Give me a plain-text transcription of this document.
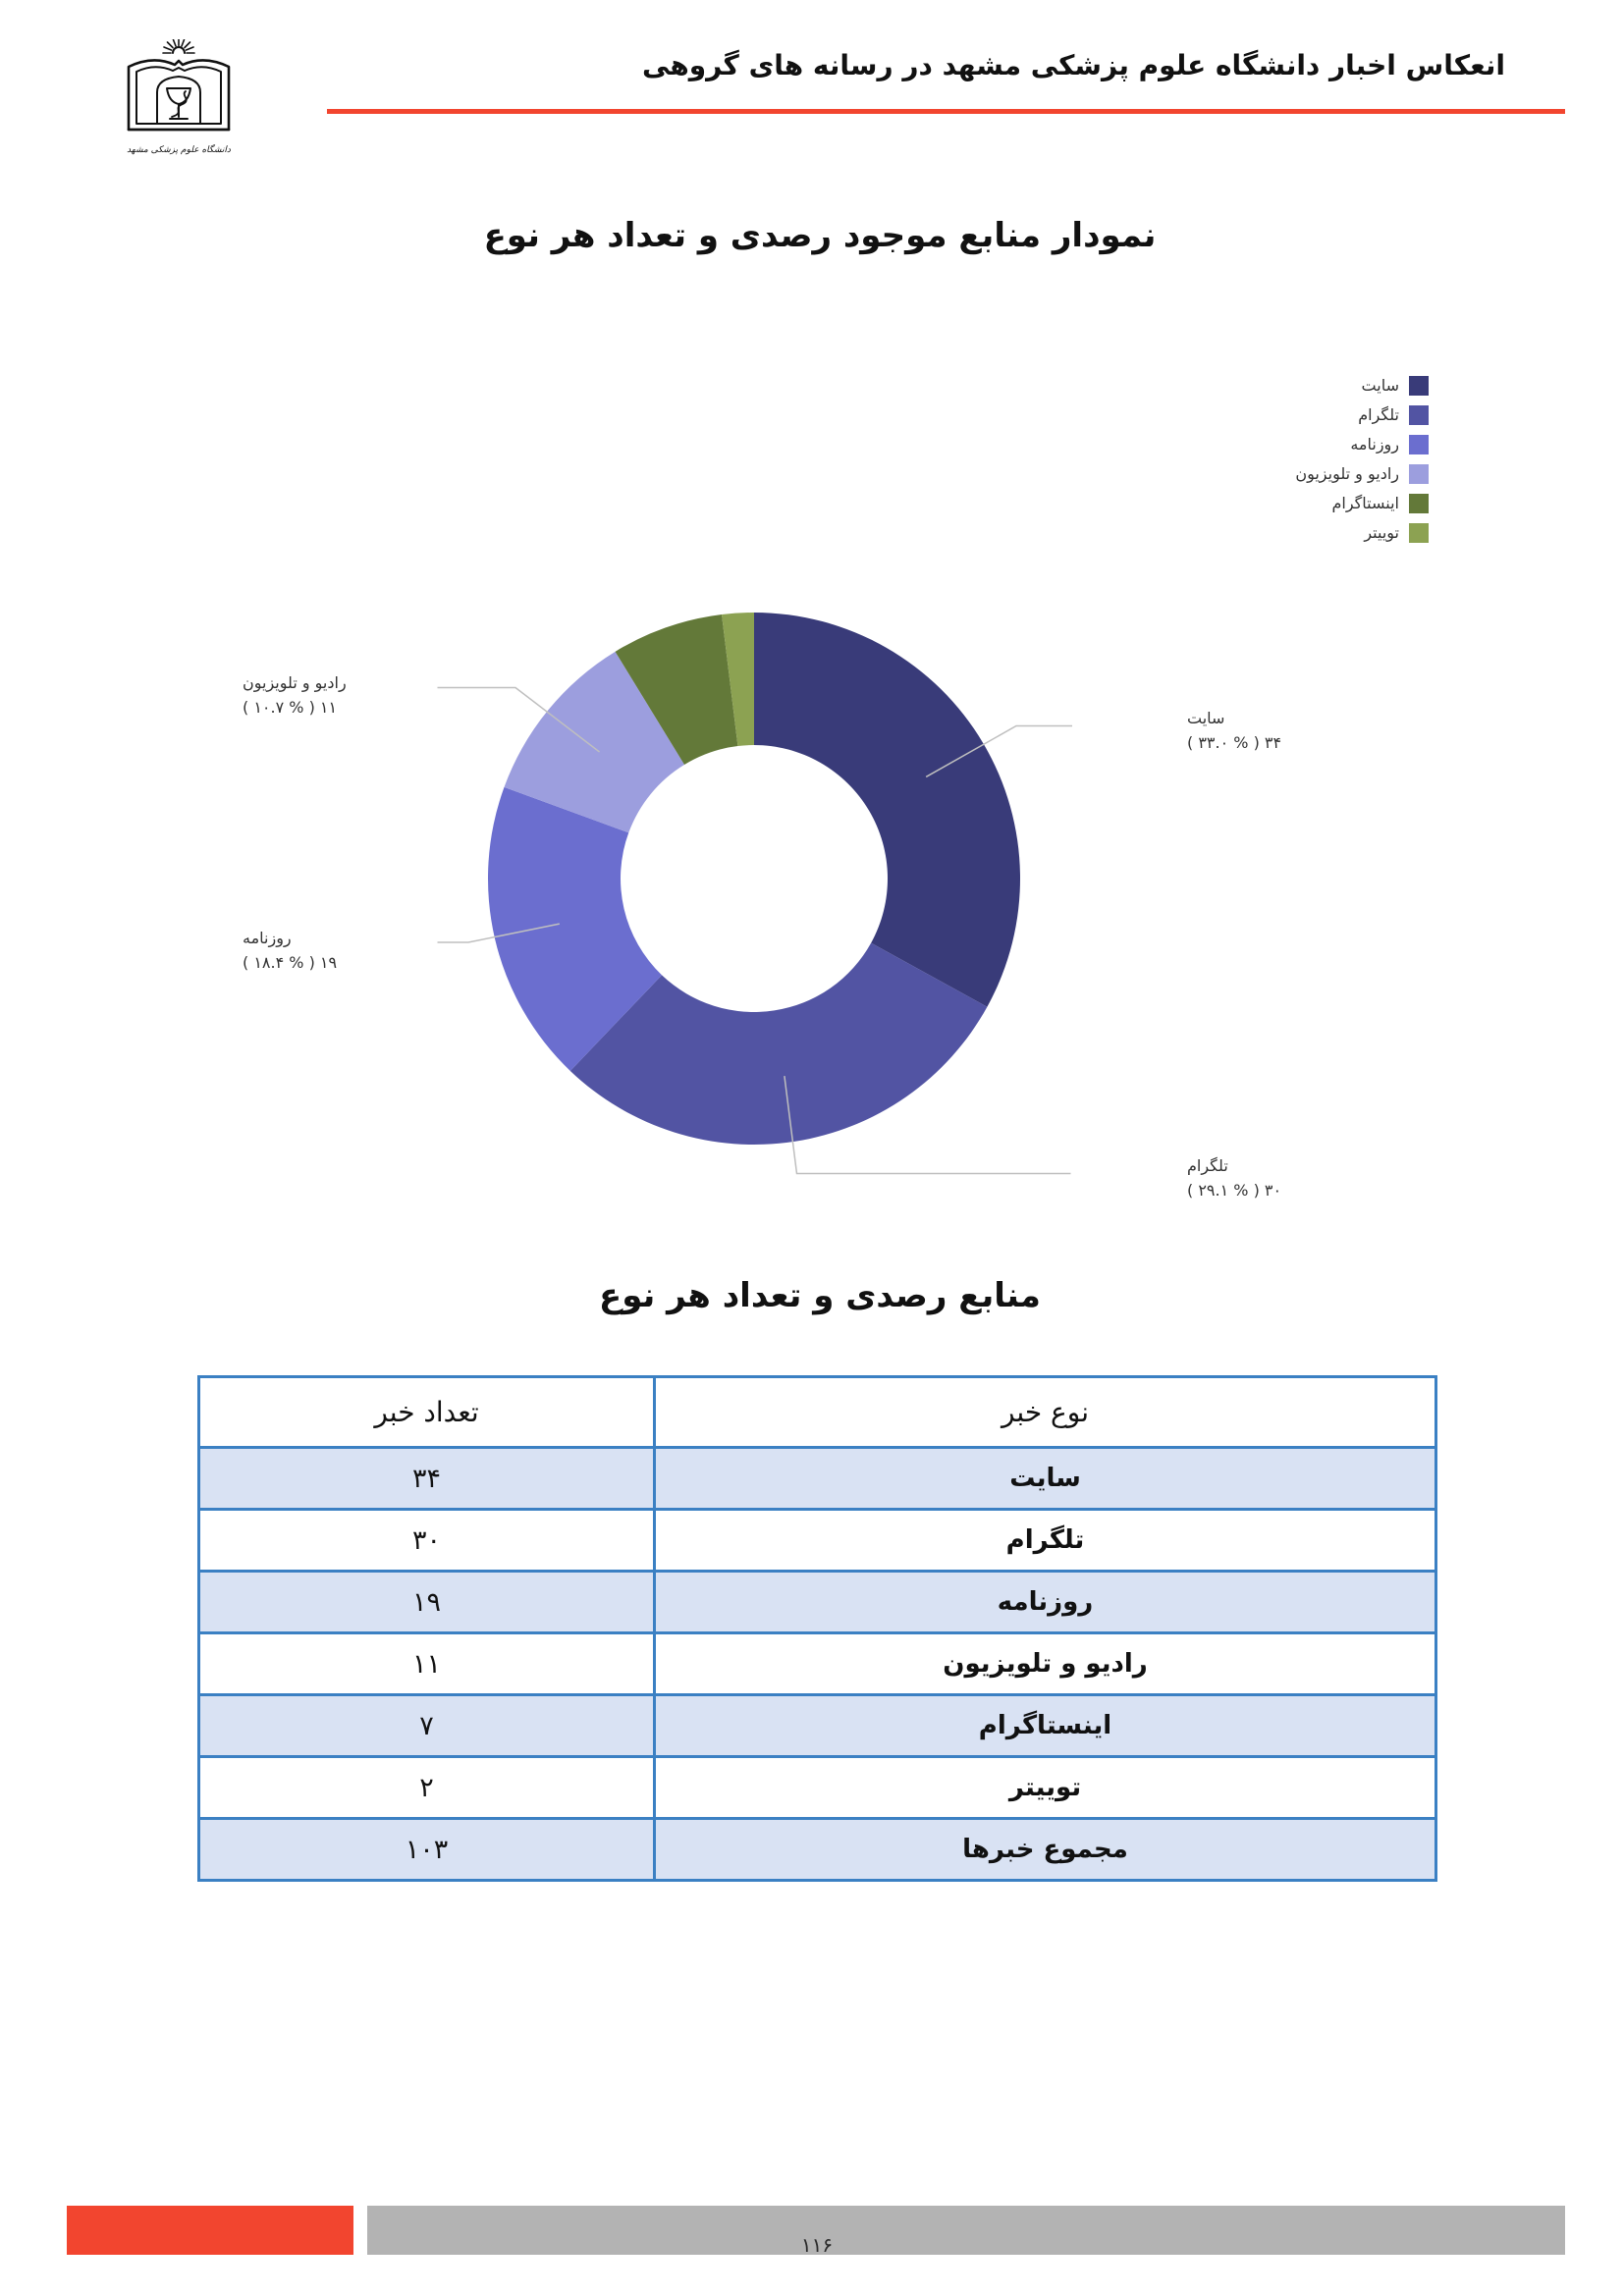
دانشگاه علوم پزشکی مشهد
انعکاس اخبار دانشگاه علوم پزشکی مشهد در رسانه های گروهی
نمودار منابع موجود رصدی و تعداد هر نوع
سایت
تلگرام
روزنامه
رادیو و تلویزیون
اینستاگرام
توییتر
سایت
( ۳۳.۰ % ) ۳۴
تلگرام
( ۲۹.۱ % ) ۳۰
روزنامه
( ۱۸.۴ % ) ۱۹
رادیو و تلویزیون
( ۱۰.۷ % ) ۱۱
منابع رصدی و تعداد هر نوع
نوع خبر	تعداد خبر
سایت	۳۴
تلگرام	۳۰
روزنامه	۱۹
رادیو و تلویزیون	۱۱
اینستاگرام	۷
توییتر	۲
مجموع خبرها	۱۰۳
۱۱۶
